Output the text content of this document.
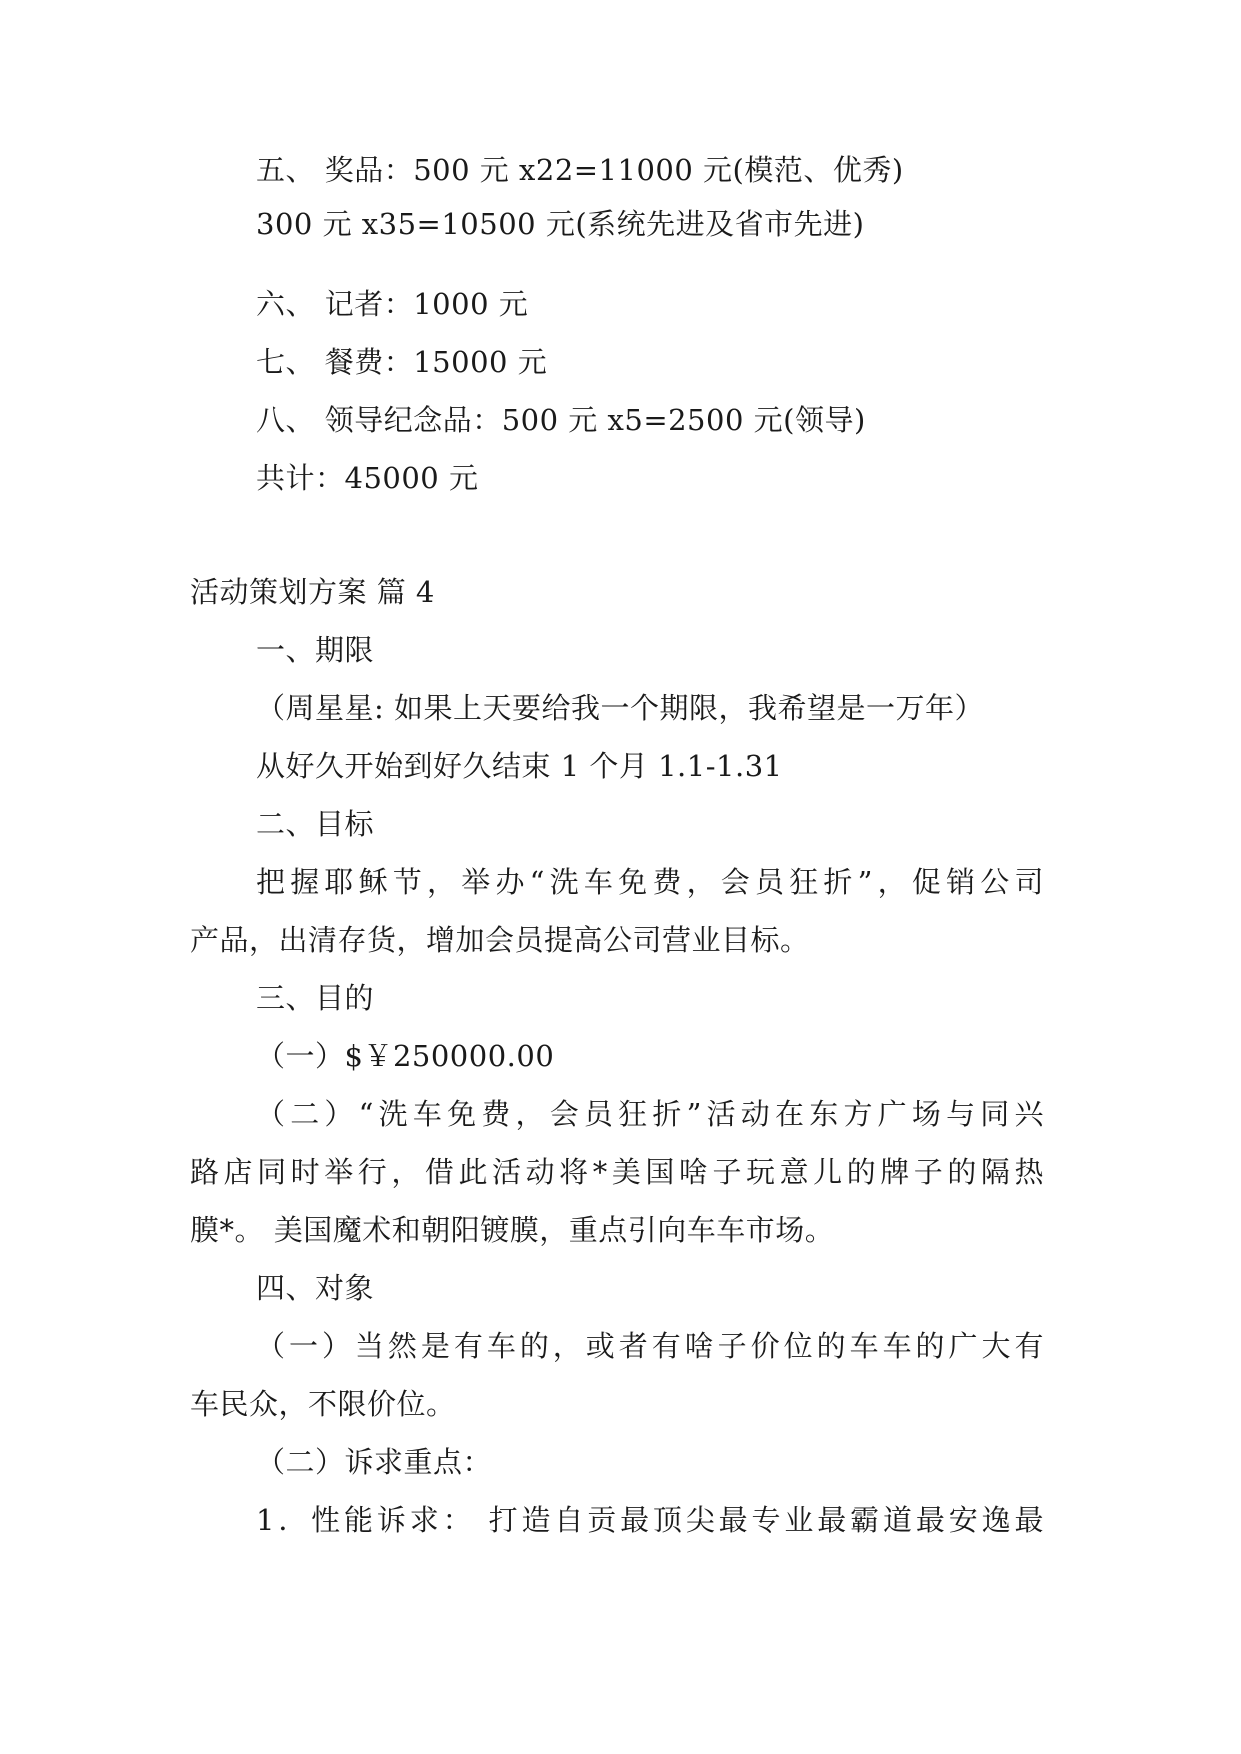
五、 奖品：500 元 x22=11000 元(模范、优秀)
300 元 x35=10500 元(系统先进及省市先进)
六、 记者：1000 元
七、 餐费：15000 元
八、 领导纪念品：500 元 x5=2500 元(领导)
共计：45000 元
活动策划方案 篇 4
一、期限
（周星星: 如果上天要给我一个期限，我希望是一万年）
从好久开始到好久结束 1 个月 1.1-1.31
二、目标
把握耶稣节，举办“洗车免费，会员狂折”，促销公司
产品，出清存货，增加会员提高公司营业目标。
三、目的
（一）$￥250000.00
（二）“洗车免费，会员狂折”活动在东方广场与同兴
路店同时举行，借此活动将*美国啥子玩意儿的牌子的隔热
膜*。 美国魔术和朝阳镀膜，重点引向车车市场。
四、对象
（一）当然是有车的，或者有啥子价位的车车的广大有
车民众，不限价位。
（二）诉求重点：
1．性能诉求： 打造自贡最顶尖最专业最霸道最安逸最
